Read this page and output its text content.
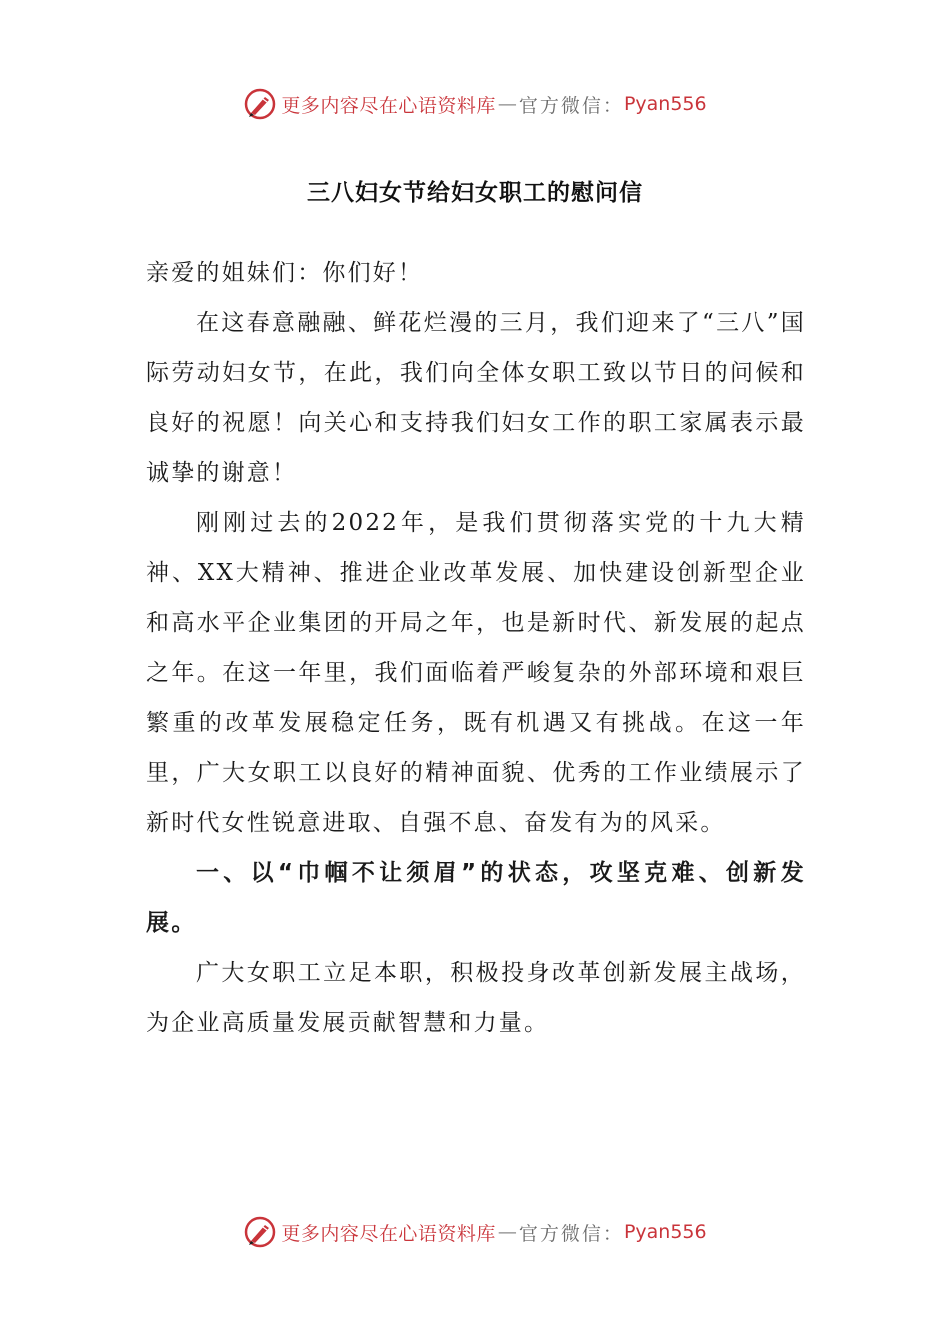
更多内容尽在心语资料库 — 官方微信： Pyan556
三八妇女节给妇女职工的慰问信

亲爱的姐妹们：你们好！

在这春意融融、鲜花烂漫的三月，我们迎来了“三八”国际劳动妇女节，在此，我们向全体女职工致以节日的问候和良好的祝愿！向关心和支持我们妇女工作的职工家属表示最诚挚的谢意！

刚刚过去的2022年，是我们贯彻落实党的十九大精神、XX大精神、推进企业改革发展、加快建设创新型企业和高水平企业集团的开局之年，也是新时代、新发展的起点之年。在这一年里，我们面临着严峻复杂的外部环境和艰巨繁重的改革发展稳定任务，既有机遇又有挑战。在这一年里，广大女职工以良好的精神面貌、优秀的工作业绩展示了新时代女性锐意进取、自强不息、奋发有为的风采。

一、以“巾帼不让须眉”的状态，攻坚克难、创新发展。

广大女职工立足本职，积极投身改革创新发展主战场，为企业高质量发展贡献智慧和力量。

更多内容尽在心语资料库 — 官方微信： Pyan556
